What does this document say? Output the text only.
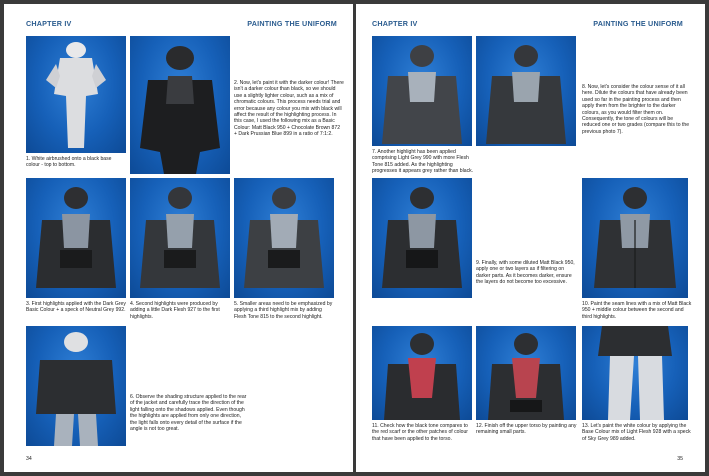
CHAPTER IV	PAINTING THE UNIFORM
1. White airbrushed onto a black base colour - top to bottom.
2. Now, let's paint it with the darker colour! There isn't a darker colour than black, so we should use a slightly lighter colour, such as a mix of chromatic colours. This process needs trial and error because any colour you mix with black will affect the result of the highlighting process. In this case, I used the following mix as a Basic Colour: Matt Black 950 + Chocolate Brown 872 + Dark Prussian Blue 899 in a ratio of 7:1:2.
3. First highlights applied with the Dark Grey Basic Colour + a speck of Neutral Grey 992.
4. Second highlights were produced by adding a little Dark Flesh 927 to the first highlights.
5. Smaller areas need to be emphasized by applying a third highlight mix by adding Flesh Tone 815 to the second highlight.
6. Observe the shading structure applied to the rear of the jacket and carefully trace the direction of the light falling onto the shadows applied. Even though the highlights are applied from only one direction, the light falls onto every detail of the surface if the angle is not too great.
34
CHAPTER IV	PAINTING THE UNIFORM
7. Another highlight has been applied comprising Light Grey 990 with more Flesh Tone 815 added. As the highlighting progresses it appears grey rather than black.
8. Now, let's consider the colour sense of it all here. Dilute the colours that have already been used so far in the painting process and then apply them from the brighter to the darker colours, as you would filter them on. Consequently, the tone of colours will be reduced one or two grades (compare this to the previous photo 7).
9. Finally, with some diluted Matt Black 950, apply one or two layers as if filtering on darker parts. As it becomes darker, ensure the layers do not become too excessive.
10. Paint the seam lines with a mix of Matt Black 950 + middle colour between the second and third highlights.
11. Check how the black tone compares to the red scarf or the other patches of colour that have been applied to the torso.
12. Finish off the upper torso by painting any remaining small parts.
13. Let's paint the white colour by applying the Base Colour mix of Light Flesh 928 with a speck of Sky Grey 989 added.
35
